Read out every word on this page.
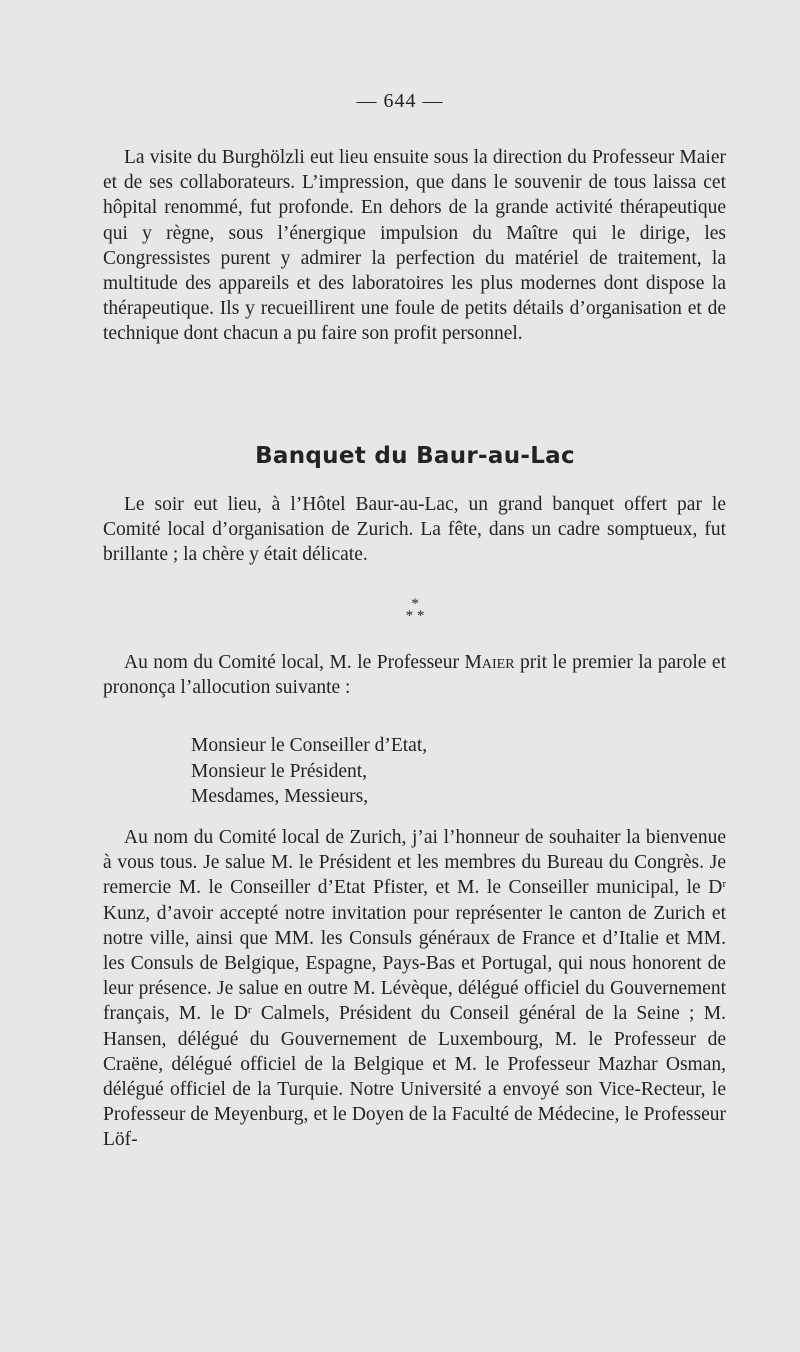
— 644 —

La visite du Burghölzli eut lieu ensuite sous la direction du Professeur Maier et de ses collaborateurs. L’impression, que dans le souvenir de tous laissa cet hôpital renommé, fut profonde. En dehors de la grande activité thérapeutique qui y règne, sous l’énergique impulsion du Maître qui le dirige, les Congressistes purent y admirer la perfection du matériel de traitement, la multitude des appareils et des laboratoires les plus modernes dont dispose la thérapeutique. Ils y recueillirent une foule de petits détails d’organisation et de technique dont chacun a pu faire son profit personnel.

Banquet du Baur-au-Lac

Le soir eut lieu, à l’Hôtel Baur-au-Lac, un grand banquet offert par le Comité local d’organisation de Zurich. La fête, dans un cadre somptueux, fut brillante ; la chère y était délicate.

*
* *

Au nom du Comité local, M. le Professeur Maier prit le premier la parole et prononça l’allocution suivante :

Monsieur le Conseiller d’Etat,
Monsieur le Président,
Mesdames, Messieurs,

Au nom du Comité local de Zurich, j’ai l’honneur de souhaiter la bienvenue à vous tous. Je salue M. le Président et les membres du Bureau du Congrès. Je remercie M. le Conseiller d’Etat Pfister, et M. le Conseiller municipal, le $D^r$ Kunz, d’avoir accepté notre invitation pour représenter le canton de Zurich et notre ville, ainsi que MM. les Consuls généraux de France et d’Italie et MM. les Consuls de Belgique, Espagne, Pays-Bas et Portugal, qui nous honorent de leur présence. Je salue en outre M. Lévèque, délégué officiel du Gouvernement français, M. le $D^r$ Calmels, Président du Conseil général de la Seine ; M. Hansen, délégué du Gouvernement de Luxembourg, M. le Professeur de Craëne, délégué officiel de la Belgique et M. le Professeur Mazhar Osman, délégué officiel de la Turquie. Notre Université a envoyé son Vice-Recteur, le Professeur de Meyenburg, et le Doyen de la Faculté de Médecine, le Professeur Löf-
